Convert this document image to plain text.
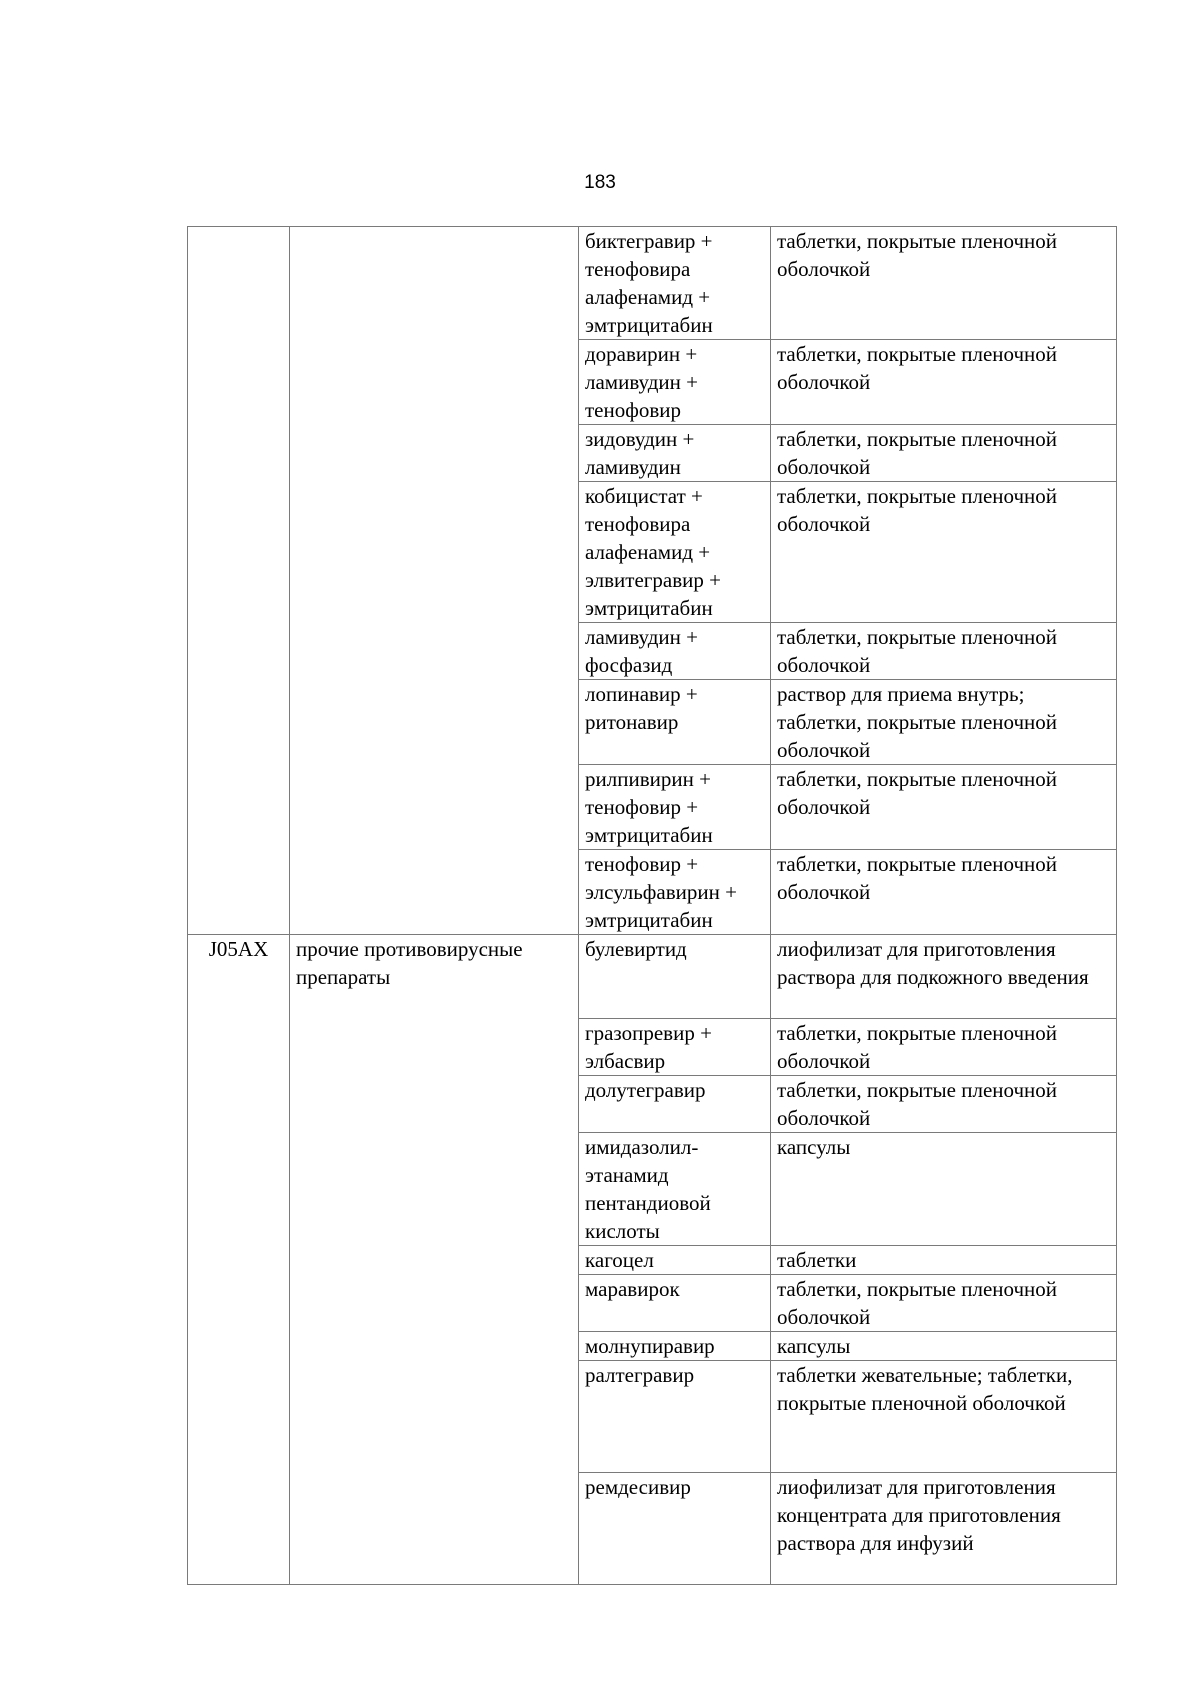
183
		биктегравир + тенофовира алафенамид + эмтрицитабин	таблетки, покрытые пленочной оболочкой
		доравирин + ламивудин + тенофовир	таблетки, покрытые пленочной оболочкой
		зидовудин + ламивудин	таблетки, покрытые пленочной оболочкой
		кобицистат + тенофовира алафенамид + элвитегравир + эмтрицитабин	таблетки, покрытые пленочной оболочкой
		ламивудин + фосфазид	таблетки, покрытые пленочной оболочкой
		лопинавир + ритонавир	раствор для приема внутрь; таблетки, покрытые пленочной оболочкой
		рилпивирин + тенофовир + эмтрицитабин	таблетки, покрытые пленочной оболочкой
		тенофовир + элсульфавирин + эмтрицитабин	таблетки, покрытые пленочной оболочкой
J05AX	прочие противовирусные препараты	булевиртид	лиофилизат для приготовления раствора для подкожного введения
		гразопревир + элбасвир	таблетки, покрытые пленочной оболочкой
		долутегравир	таблетки, покрытые пленочной оболочкой
		имидазолил-этанамид пентандиовой кислоты	капсулы
		кагоцел	таблетки
		маравирок	таблетки, покрытые пленочной оболочкой
		молнупиравир	капсулы
		ралтегравир	таблетки жевательные; таблетки, покрытые пленочной оболочкой
		ремдесивир	лиофилизат для приготовления концентрата для приготовления раствора для инфузий
